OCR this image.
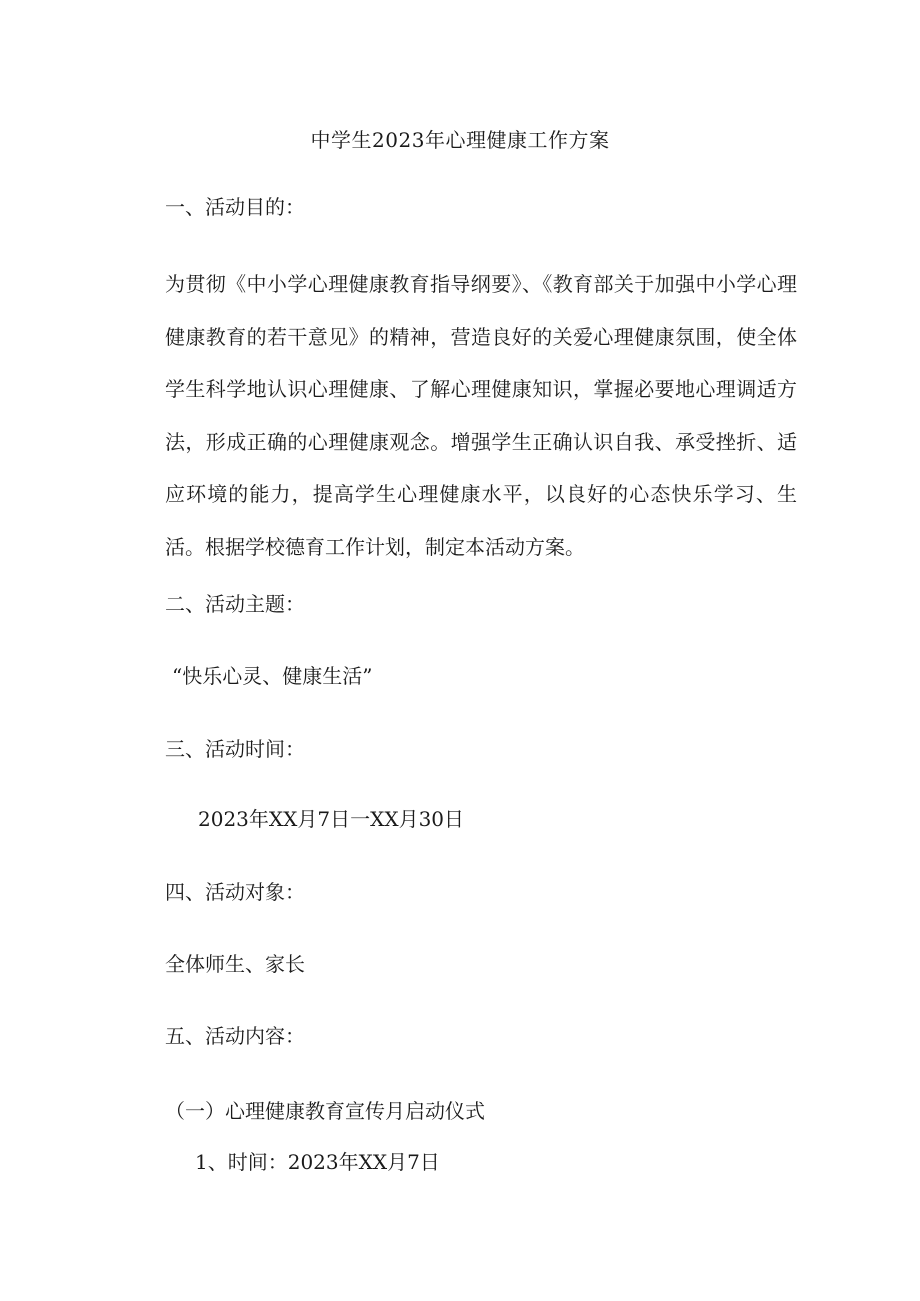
中学生2023年心理健康工作方案
一、活动目的：

为贯彻《中小学心理健康教育指导纲要》、《教育部关于加强中小学心理健康教育的若干意见》的精神，营造良好的关爱心理健康氛围，使全体学生科学地认识心理健康、了解心理健康知识，掌握必要地心理调适方法，形成正确的心理健康观念。增强学生正确认识自我、承受挫折、适应环境的能力，提高学生心理健康水平，以良好的心态快乐学习、生活。根据学校德育工作计划，制定本活动方案。

二、活动主题：
“快乐心灵、健康生活”
三、活动时间：
2023年XX月7日一XX月30日
四、活动对象：
全体师生、家长
五、活动内容：
（一）心理健康教育宣传月启动仪式
1、时间：2023年XX月7日
